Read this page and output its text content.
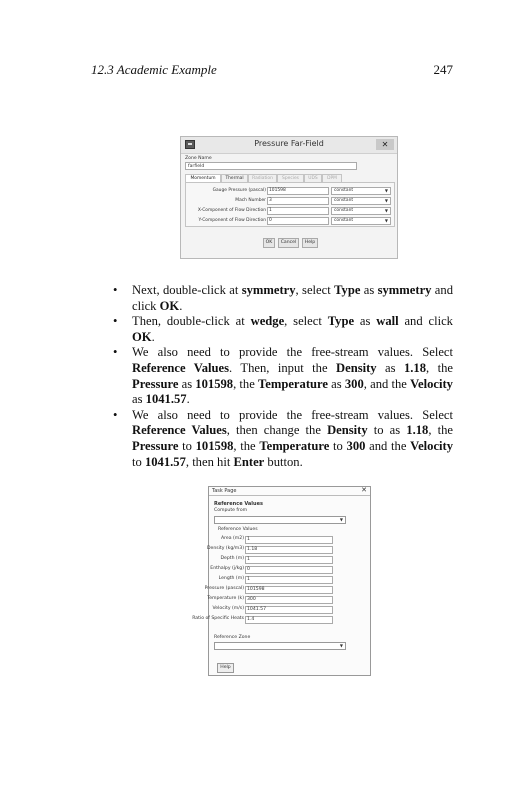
12.3 Academic Example	247
Pressure Far-Field	✕
Zone Name
farfield
Momentum	Thermal	Radiation	Species	UDS	DPM
Gauge Pressure (pascal) 101598	constant	▼
Mach Number 3	constant	▼
X-Component of Flow Direction 1	constant	▼
Y-Component of Flow Direction 0	constant	▼
OK	Cancel	Help
• Next, double-click at symmetry, select Type as symmetry and click OK.
• Then, double-click at wedge, select Type as wall and click OK.
• We also need to provide the free-stream values. Select Reference Values. Then, input the Density as 1.18, the Pressure as 101598, the Temperature as 300, and the Velocity as 1041.57.
• We also need to provide the free-stream values. Select Reference Values, then change the Density to as 1.18, the Pressure to 101598, the Temperature to 300 and the Velocity to 1041.57, then hit Enter button.
Task Page	✕
Reference Values
Compute from
▼
Reference Values
Area (m2) 1
Density (kg/m3) 1.18
Depth (m) 1
Enthalpy (j/kg) 0
Length (m) 1
Pressure (pascal) 101598
Temperature (k) 300
Velocity (m/s) 1041.57
Ratio of Specific Heats 1.4
Reference Zone
▼
Help
